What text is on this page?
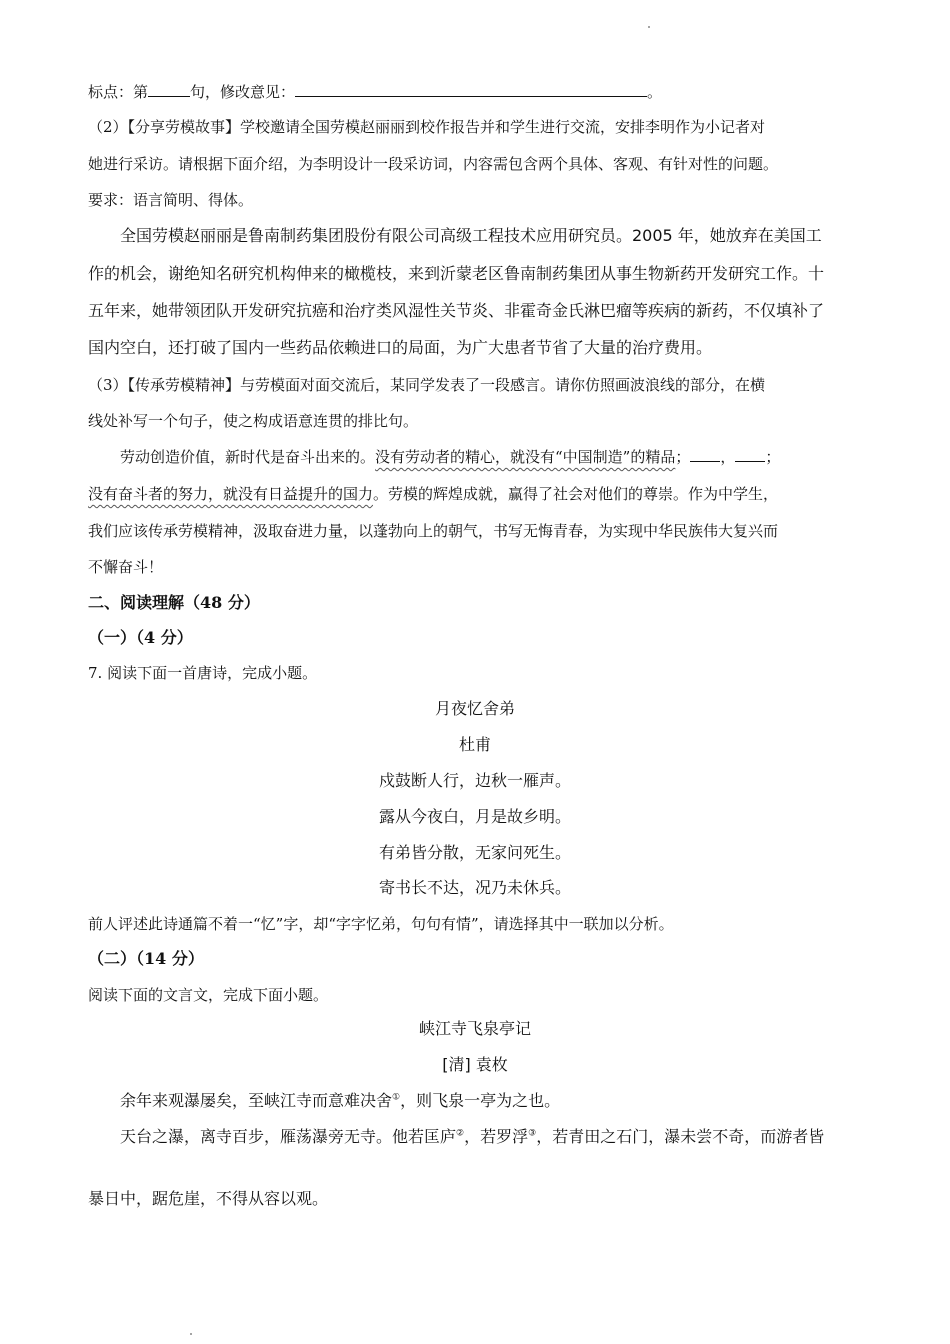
标点：第	句，修改意见：	。
（2）【分享劳模故事】学校邀请全国劳模赵丽丽到校作报告并和学生进行交流，安排李明作为小记者对
她进行采访。请根据下面介绍，为李明设计一段采访词，内容需包含两个具体、客观、有针对性的问题。
要求：语言简明、得体。
全国劳模赵丽丽是鲁南制药集团股份有限公司高级工程技术应用研究员。2005 年，她放弃在美国工
作的机会，谢绝知名研究机构伸来的橄榄枝，来到沂蒙老区鲁南制药集团从事生物新药开发研究工作。十
五年来，她带领团队开发研究抗癌和治疗类风湿性关节炎、非霍奇金氏淋巴瘤等疾病的新药，不仅填补了
国内空白，还打破了国内一些药品依赖进口的局面，为广大患者节省了大量的治疗费用。
（3）【传承劳模精神】与劳模面对面交流后，某同学发表了一段感言。请你仿照画波浪线的部分，在横
线处补写一个句子，使之构成语意连贯的排比句。
劳动创造价值，新时代是奋斗出来的。没有劳动者的精心，就没有“中国制造”的精品； ， ；
没有奋斗者的努力，就没有日益提升的国力。劳模的辉煌成就，赢得了社会对他们的尊崇。作为中学生，
我们应该传承劳模精神，汲取奋进力量，以蓬勃向上的朝气，书写无悔青春，为实现中华民族伟大复兴而
不懈奋斗！
二、阅读理解（48 分）
（一）（4 分）
7. 阅读下面一首唐诗，完成小题。
月夜忆舍弟
杜甫
戍鼓断人行，边秋一雁声。
露从今夜白，月是故乡明。
有弟皆分散，无家问死生。
寄书长不达，况乃未休兵。
前人评述此诗通篇不着一“忆”字，却“字字忆弟，句句有情”，请选择其中一联加以分析。
（二）（14 分）
阅读下面的文言文，完成下面小题。
峡江寺飞泉亭记
[清] 袁枚
余年来观瀑屡矣，至峡江寺而意难决舍①，则飞泉一亭为之也。
天台之瀑，离寺百步，雁荡瀑旁无寺。他若匡庐②，若罗浮③，若青田之石门，瀑未尝不奇，而游者皆
暴日中，踞危崖，不得从容以观。
